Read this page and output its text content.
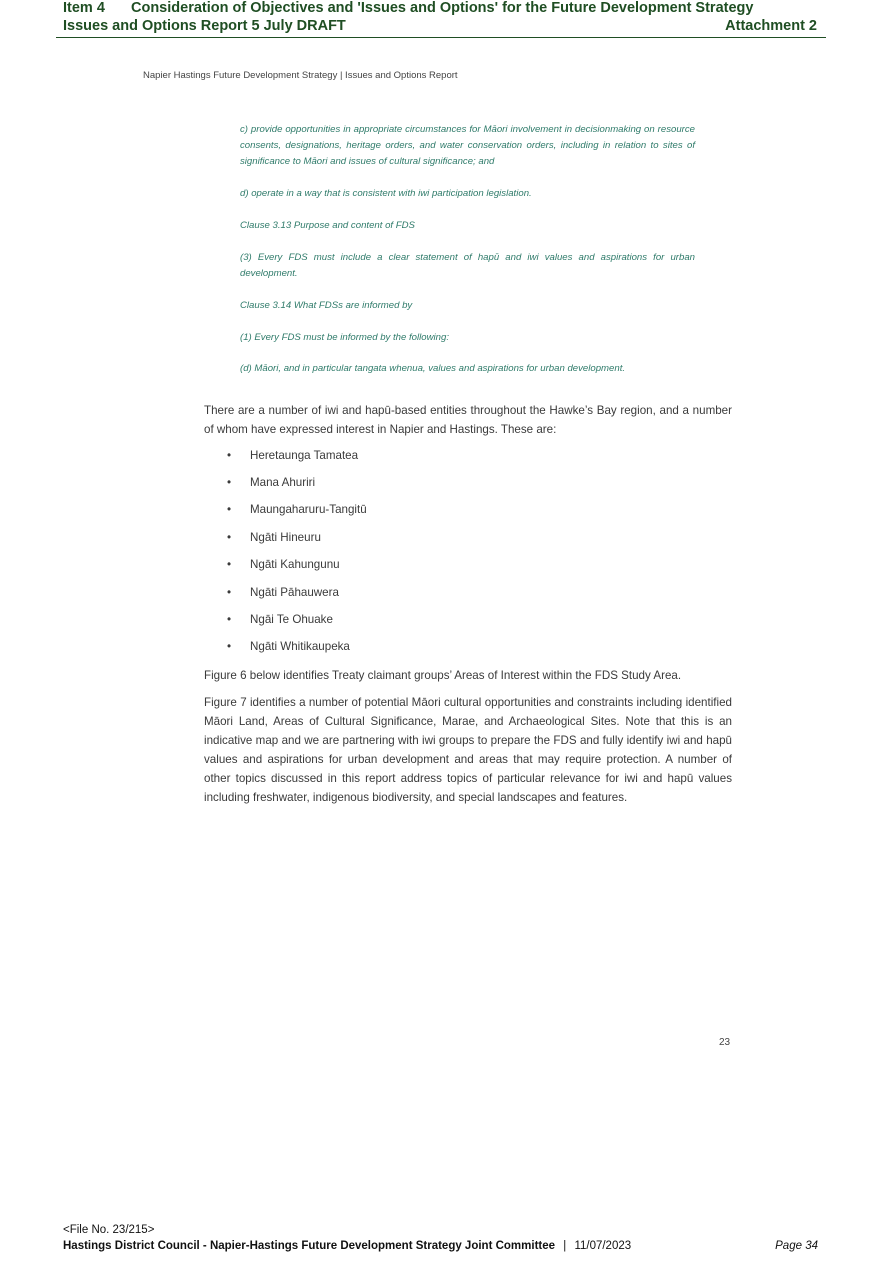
Item 4 Consideration of Objectives and 'Issues and Options' for the Future Development Strategy
Issues and Options Report 5 July DRAFT	Attachment 2
Napier Hastings Future Development Strategy | Issues and Options Report

c) provide opportunities in appropriate circumstances for Māori involvement in decisionmaking on resource consents, designations, heritage orders, and water conservation orders, including in relation to sites of significance to Māori and issues of cultural significance; and

d) operate in a way that is consistent with iwi participation legislation.

Clause 3.13 Purpose and content of FDS

(3) Every FDS must include a clear statement of hapū and iwi values and aspirations for urban development.

Clause 3.14 What FDSs are informed by

(1) Every FDS must be informed by the following:

(d) Māori, and in particular tangata whenua, values and aspirations for urban development.

There are a number of iwi and hapū-based entities throughout the Hawke’s Bay region, and a number of whom have expressed interest in Napier and Hastings. These are:

• Heretaunga Tamatea
• Mana Ahuriri
• Maungaharuru-Tangitū
• Ngāti Hineuru
• Ngāti Kahungunu
• Ngāti Pāhauwera
• Ngāi Te Ohuake
• Ngāti Whitikaupeka

Figure 6 below identifies Treaty claimant groups’ Areas of Interest within the FDS Study Area.

Figure 7 identifies a number of potential Māori cultural opportunities and constraints including identified Māori Land, Areas of Cultural Significance, Marae, and Archaeological Sites. Note that this is an indicative map and we are partnering with iwi groups to prepare the FDS and fully identify iwi and hapū values and aspirations for urban development and areas that may require protection. A number of other topics discussed in this report address topics of particular relevance for iwi and hapū values including freshwater, indigenous biodiversity, and special landscapes and features.

23
<File No. 23/215>
Hastings District Council - Napier-Hastings Future Development Strategy Joint Committee | 11/07/2023	Page 34
